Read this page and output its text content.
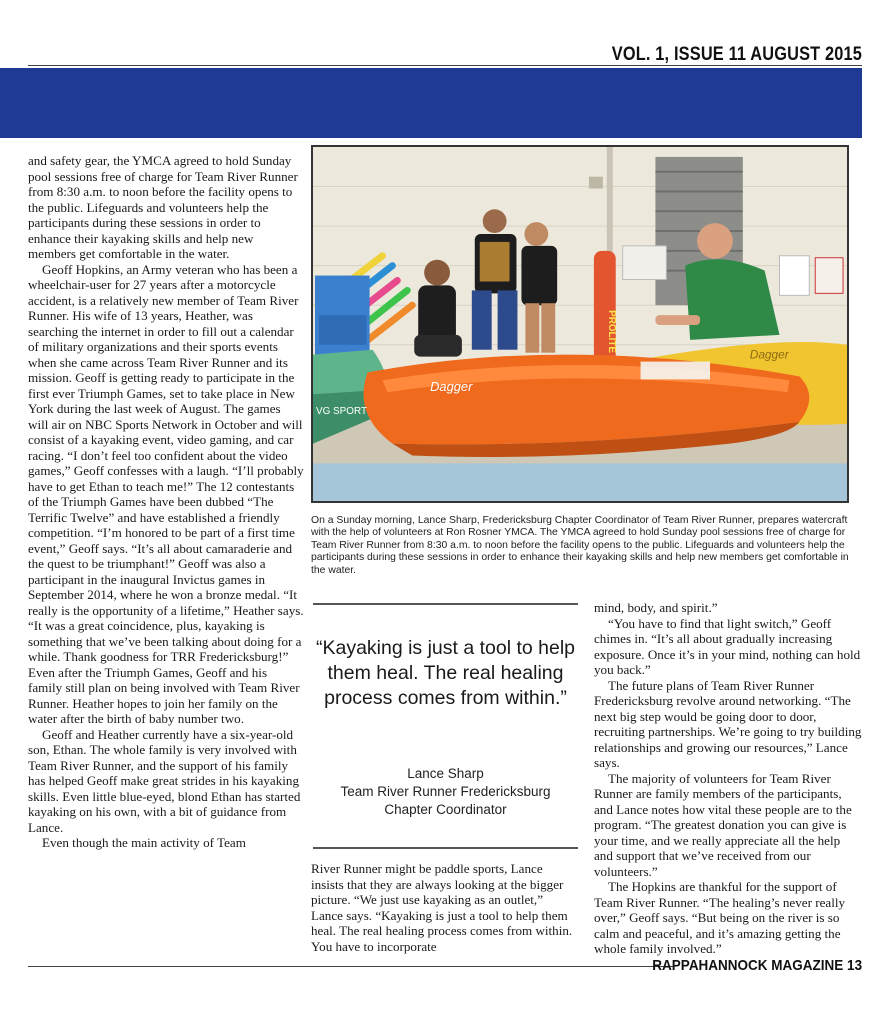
VOL. 1, ISSUE 11 AUGUST 2015

and safety gear, the YMCA agreed to hold Sunday pool sessions free of charge for Team River Runner from 8:30 a.m. to noon before the facility opens to the public. Lifeguards and volunteers help the participants during these sessions in order to enhance their kayaking skills and help new members get comfortable in the water.

Geoff Hopkins, an Army veteran who has been a wheelchair-user for 27 years after a motorcycle accident, is a relatively new member of Team River Runner. His wife of 13 years, Heather, was searching the internet in order to fill out a calendar of military organizations and their sports events when she came across Team River Runner and its mission. Geoff is getting ready to participate in the first ever Triumph Games, set to take place in New York during the last week of August. The games will air on NBC Sports Network in October and will consist of a kayaking event, video gaming, and car racing. “I don’t feel too confident about the video games,” Geoff confesses with a laugh. “I’ll probably have to get Ethan to teach me!” The 12 contestants of the Triumph Games have been dubbed “The Terrific Twelve” and have established a friendly competition. “I’m honored to be part of a first time event,” Geoff says. “It’s all about camaraderie and the quest to be triumphant!” Geoff was also a participant in the inaugural Invictus games in September 2014, where he won a bronze medal. “It really is the opportunity of a lifetime,” Heather says. “It was a great coincidence, plus, kayaking is something that we’ve been talking about doing for a while. Thank goodness for TRR Fredericksburg!” Even after the Triumph Games, Geoff and his family still plan on being involved with Team River Runner. Heather hopes to join her family on the water after the birth of baby number two.

Geoff and Heather currently have a six-year-old son, Ethan. The whole family is very involved with Team River Runner, and the support of his family has helped Geoff make great strides in his kayaking skills. Even little blue-eyed, blond Ethan has started kayaking on his own, with a bit of guidance from Lance.

Even though the main activity of Team

Dagger
Dagger
VG SPORT
PROLITE
On a Sunday morning, Lance Sharp, Fredericksburg Chapter Coordinator of Team River Runner, prepares watercraft with the help of volunteers at Ron Rosner YMCA. The YMCA agreed to hold Sunday pool sessions free of charge for Team River Runner from 8:30 a.m. to noon before the facility opens to the public. Lifeguards and volunteers help the participants during these sessions in order to enhance their kayaking skills and help new members get comfortable in the water.
“Kayaking is just a tool to help them heal. The real healing process comes from within.”
Lance Sharp
Team River Runner Fredericksburg
Chapter Coordinator

River Runner might be paddle sports, Lance insists that they are always looking at the bigger picture. “We just use kayaking as an outlet,” Lance says. “Kayaking is just a tool to help them heal. The real healing process comes from within. You have to incorporate

mind, body, and spirit.”

“You have to find that light switch,” Geoff chimes in. “It’s all about gradually increasing exposure. Once it’s in your mind, nothing can hold you back.”

The future plans of Team River Runner Fredericksburg revolve around networking. “The next big step would be going door to door, recruiting partnerships. We’re going to try building relationships and growing our resources,” Lance says.

The majority of volunteers for Team River Runner are family members of the participants, and Lance notes how vital these people are to the program. “The greatest donation you can give is your time, and we really appreciate all the help and support that we’ve received from our volunteers.”

The Hopkins are thankful for the support of Team River Runner. “The healing’s never really over,” Geoff says. “But being on the river is so calm and peaceful, and it’s amazing getting the whole family involved.”

RAPPAHANNOCK MAGAZINE 13
